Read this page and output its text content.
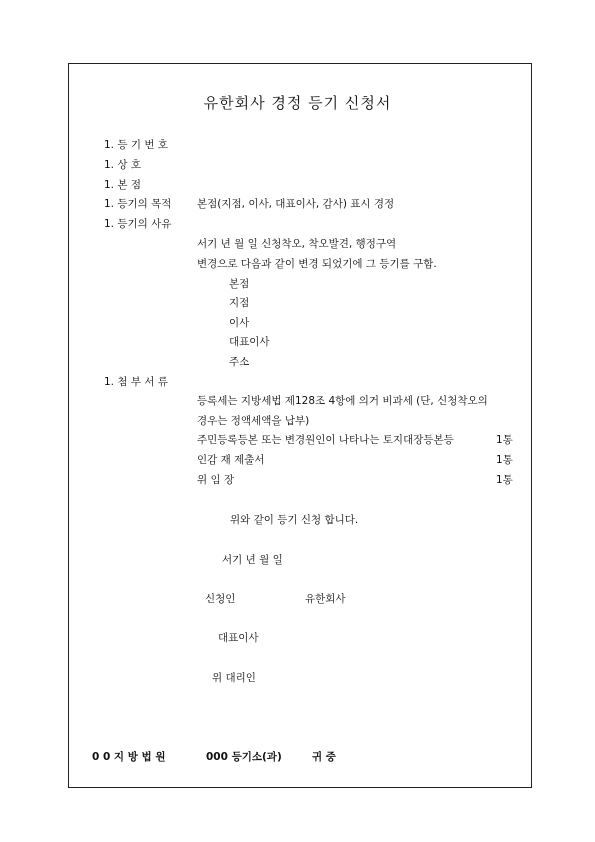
유한회사 경정 등기 신청서
1. 등 기 번 호
1. 상 호
1. 본 점
1. 등기의 목적 본점(지점, 이사, 대표이사, 감사) 표시 경정
1. 등기의 사유
서기 년 월 일 신청착오, 착오발견, 행정구역
변경으로 다음과 같이 변경 되었기에 그 등기를 구함.
본점
지점
이사
대표이사
주소
1. 첨 부 서 류
등록세는 지방세법 제128조 4항에 의거 비과세 (단, 신청착오의
경우는 정액세액을 납부)
주민등록등본 또는 변경원인이 나타나는 토지대장등본등	1통
인감 재 제출서	1통
위 임 장	1통
위와 같이 등기 신청 합니다.
서기 년 월 일
신청인	유한회사
대표이사
위 대리인
0 0 지 방 법 원	000 등기소(과)	귀 중
